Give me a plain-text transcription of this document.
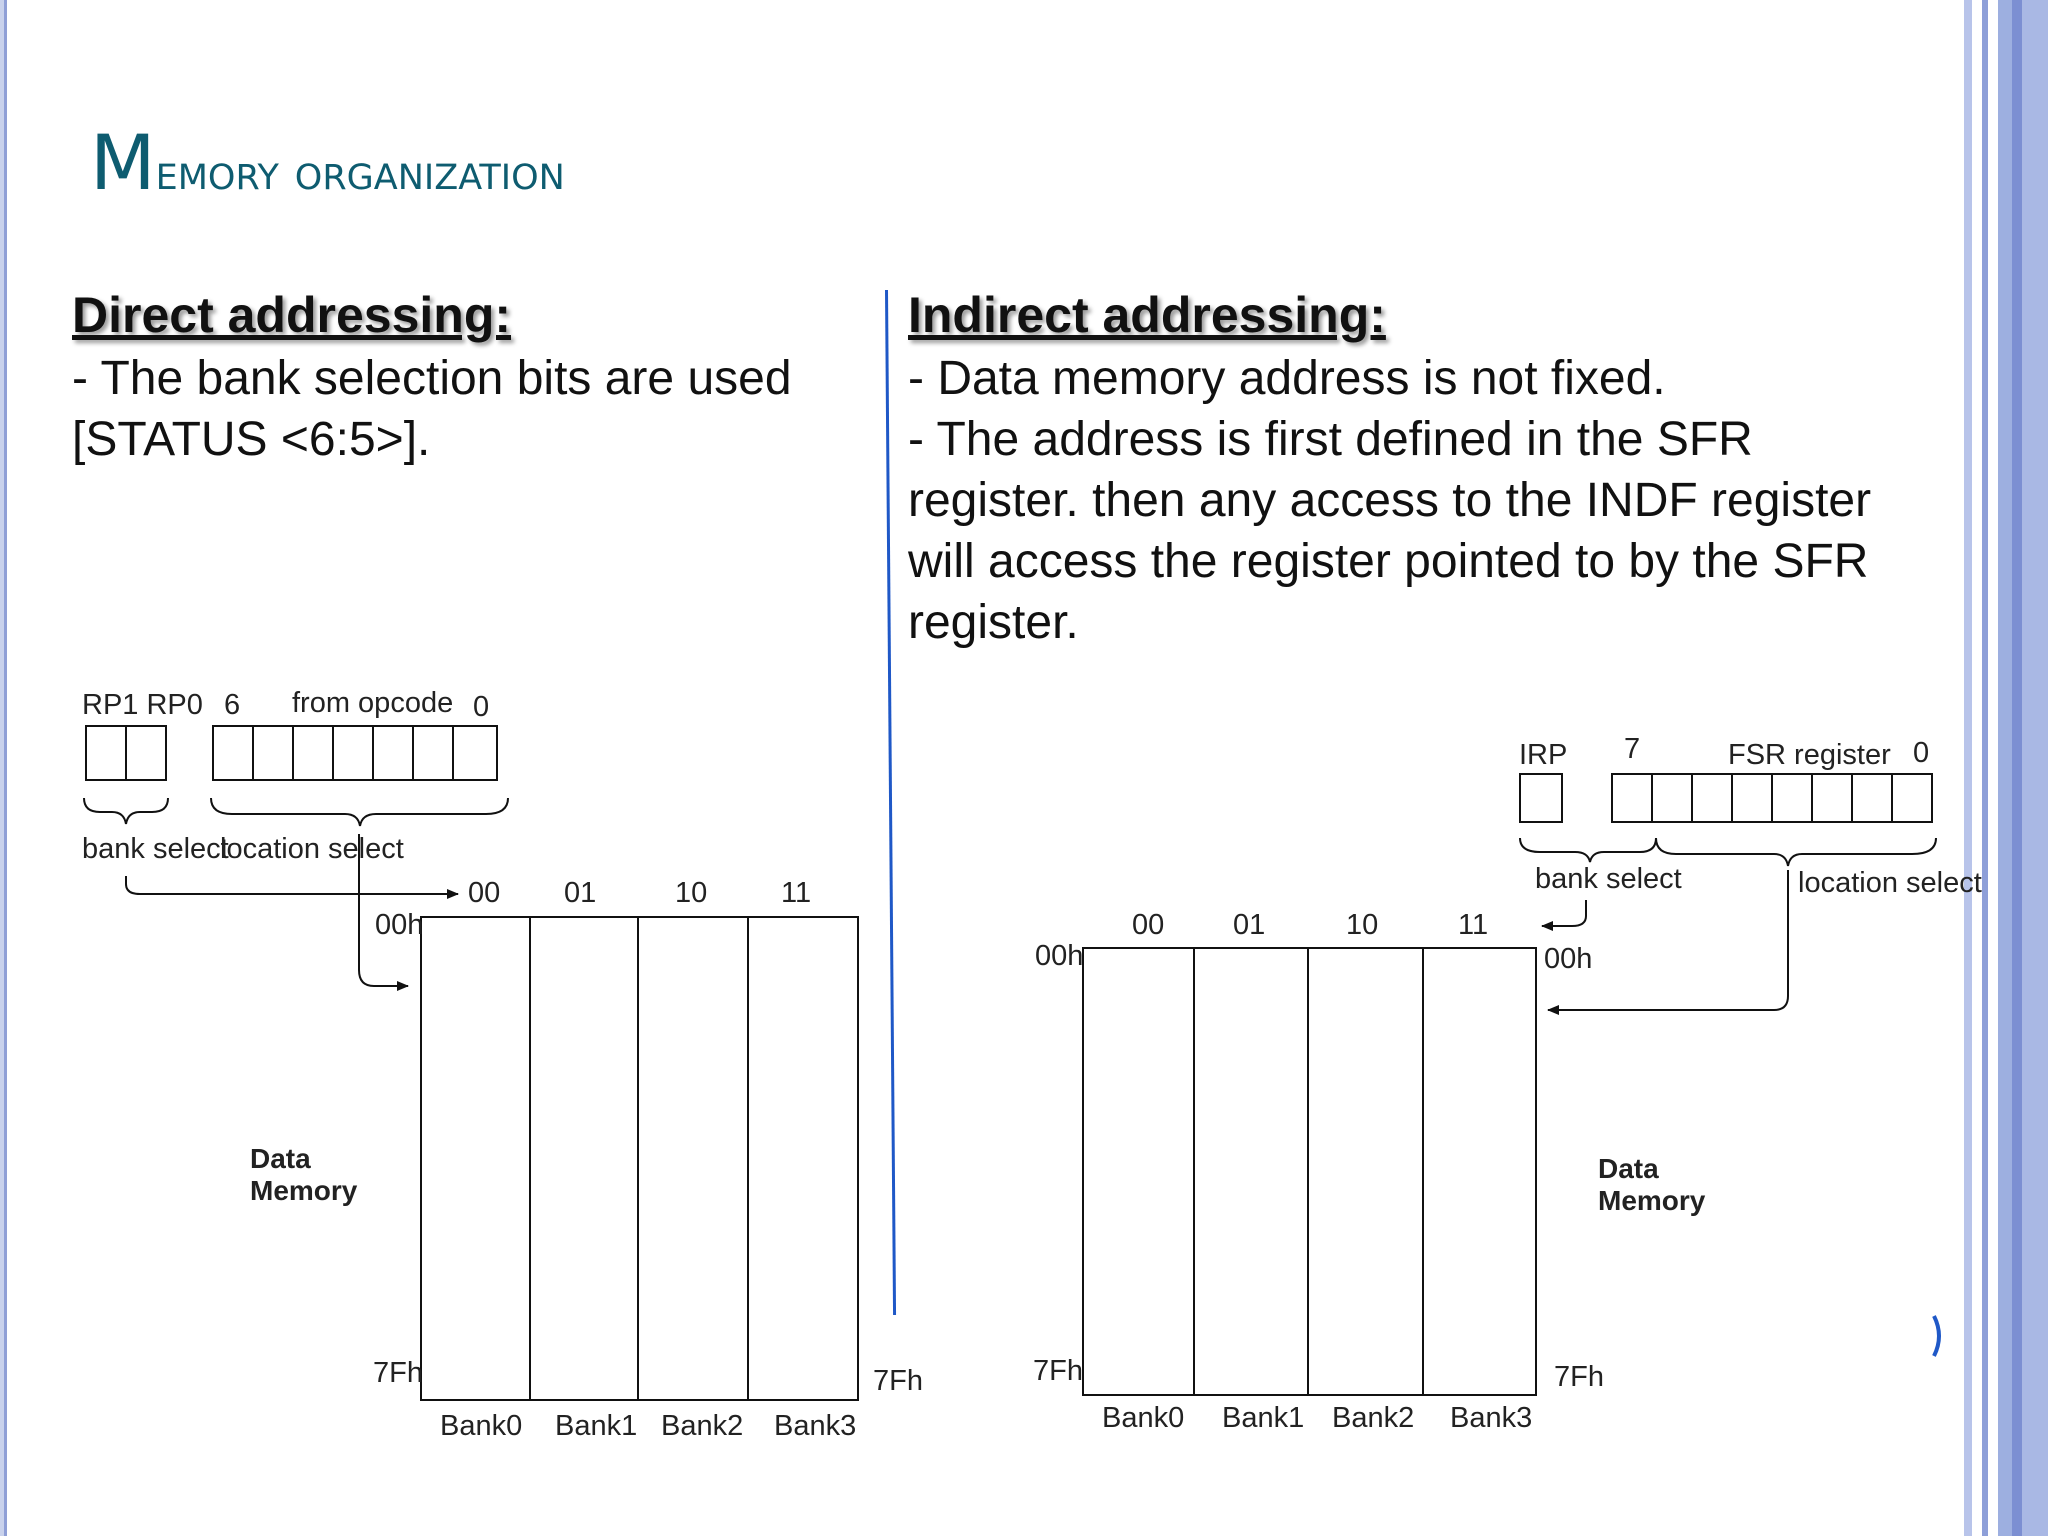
Memory organization
Direct addressing:
- The bank selection bits are used
[STATUS <6:5>].
Indirect addressing:
- Data memory address is not fixed.
- The address is first defined in the SFR
register. then any access to the INDF register
will access the register pointed to by the SFR
register.
RP1 RP0 6 from opcode 0
bank select
location select
00 01	10	11
00h
7Fh	7Fh
Bank0 Bank1 Bank2 Bank3
Data
Memory
IRP 7	FSR register 0
bank select	location select
00 01	10	11
00h	00h
7Fh	7Fh
Bank0 Bank1 Bank2 Bank3
Data
Memory
